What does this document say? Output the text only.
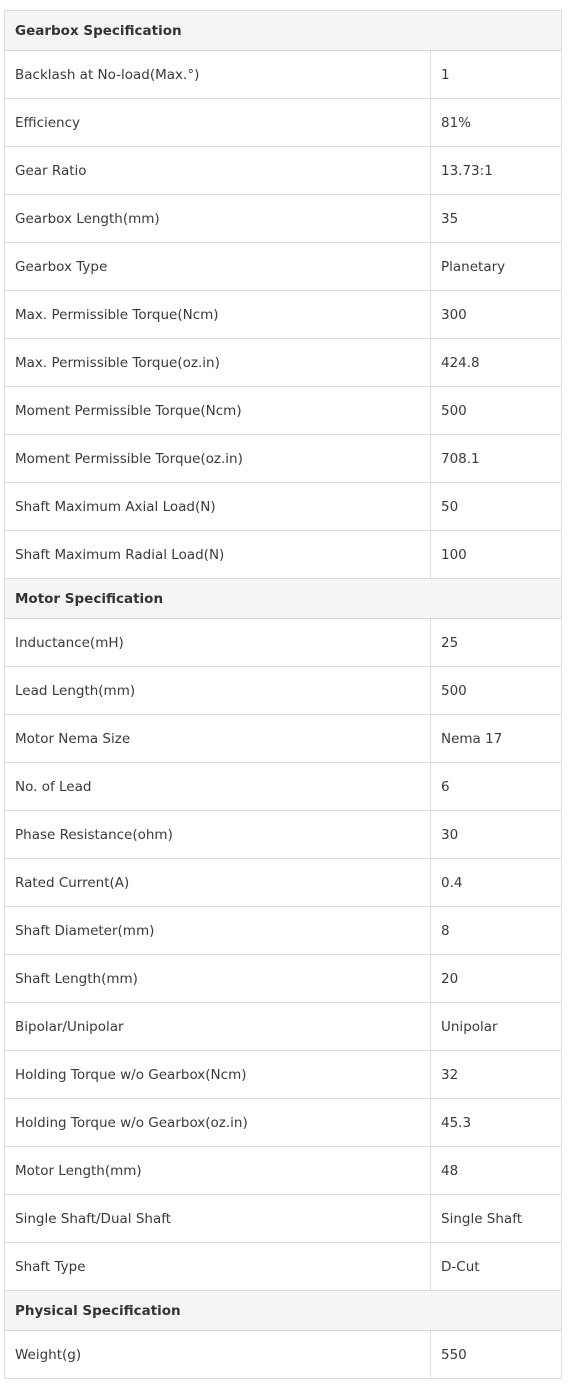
Gearbox Specification	
Backlash at No-load(Max.°)	1
Efficiency	81%
Gear Ratio	13.73:1
Gearbox Length(mm)	35
Gearbox Type	Planetary
Max. Permissible Torque(Ncm)	300
Max. Permissible Torque(oz.in)	424.8
Moment Permissible Torque(Ncm)	500
Moment Permissible Torque(oz.in)	708.1
Shaft Maximum Axial Load(N)	50
Shaft Maximum Radial Load(N)	100
Motor Specification	
Inductance(mH)	25
Lead Length(mm)	500
Motor Nema Size	Nema 17
No. of Lead	6
Phase Resistance(ohm)	30
Rated Current(A)	0.4
Shaft Diameter(mm)	8
Shaft Length(mm)	20
Bipolar/Unipolar	Unipolar
Holding Torque w/o Gearbox(Ncm)	32
Holding Torque w/o Gearbox(oz.in)	45.3
Motor Length(mm)	48
Single Shaft/Dual Shaft	Single Shaft
Shaft Type	D-Cut
Physical Specification	
Weight(g)	550
